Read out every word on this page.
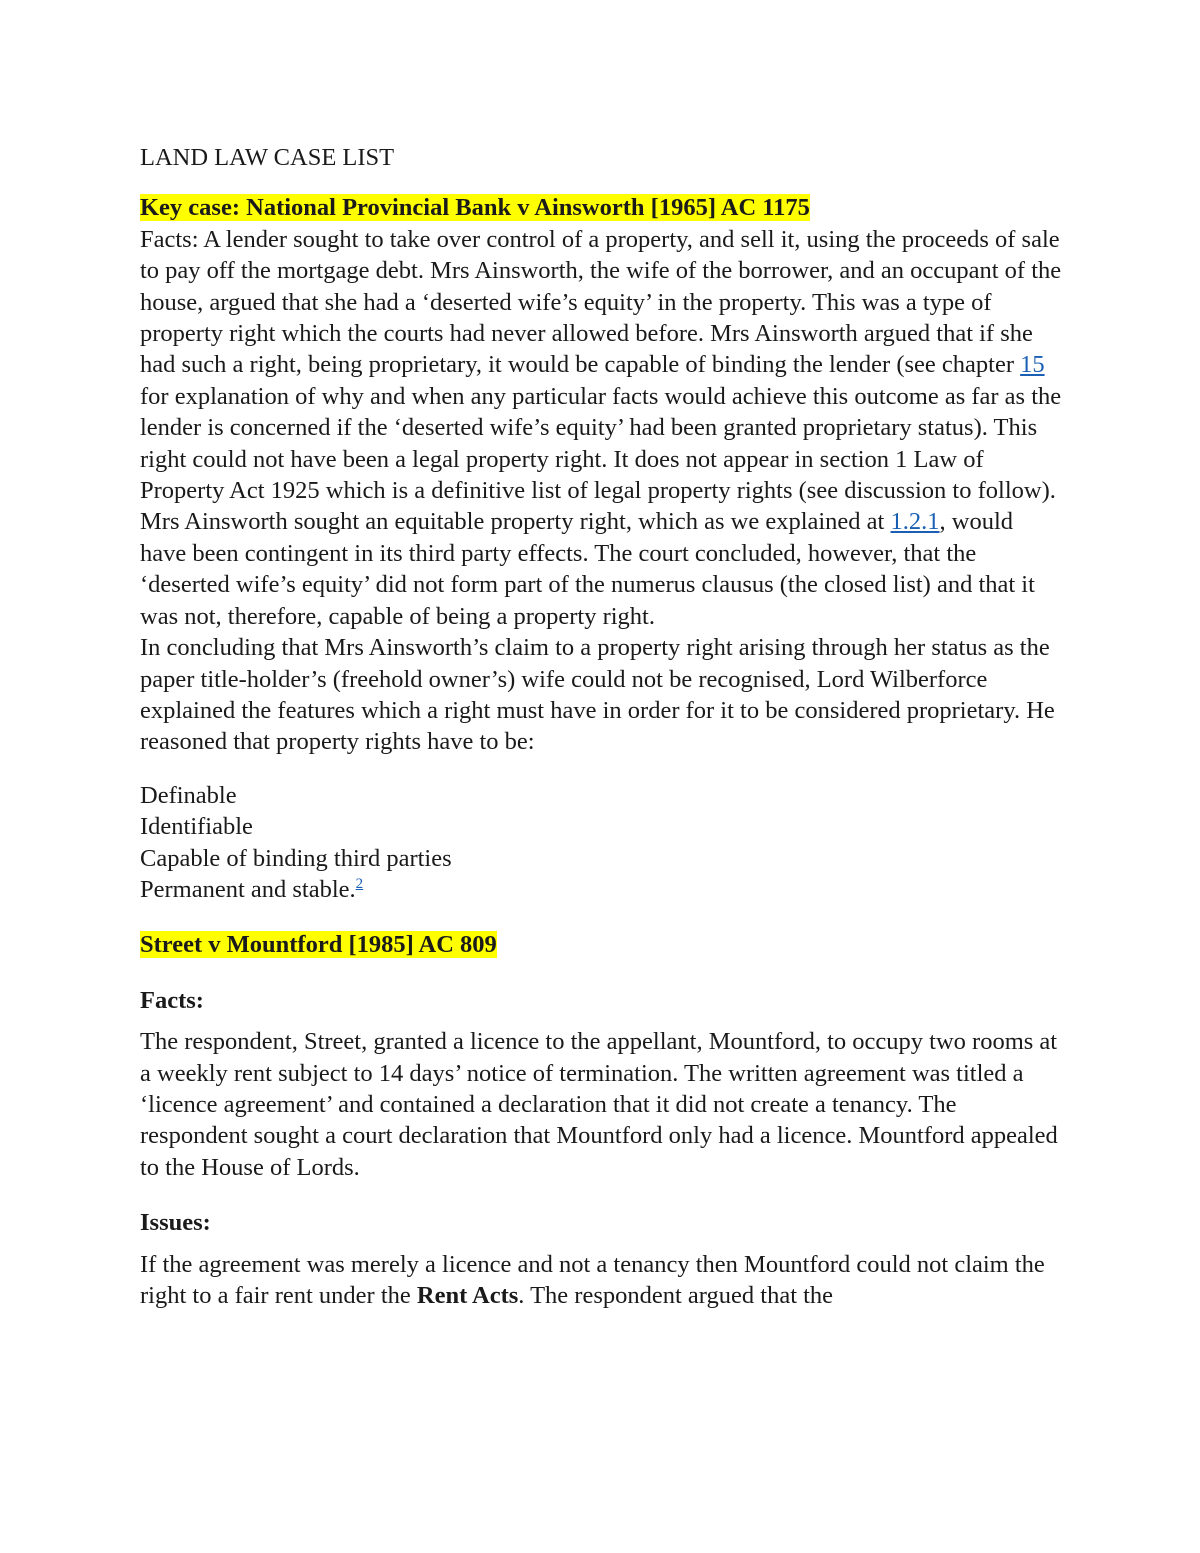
LAND LAW CASE LIST

Key case: National Provincial Bank v Ainsworth [1965] AC 1175

Facts: A lender sought to take over control of a property, and sell it, using the proceeds of sale to pay off the mortgage debt. Mrs Ainsworth, the wife of the borrower, and an occupant of the house, argued that she had a ‘deserted wife’s equity’ in the property. This was a type of property right which the courts had never allowed before. Mrs Ainsworth argued that if she had such a right, being proprietary, it would be capable of binding the lender (see chapter 15 for explanation of why and when any particular facts would achieve this outcome as far as the lender is concerned if the ‘deserted wife’s equity’ had been granted proprietary status). This right could not have been a legal property right. It does not appear in section 1 Law of Property Act 1925 which is a definitive list of legal property rights (see discussion to follow). Mrs Ainsworth sought an equitable property right, which as we explained at 1.2.1, would have been contingent in its third party effects. The court concluded, however, that the ‘deserted wife’s equity’ did not form part of the numerus clausus (the closed list) and that it was not, therefore, capable of being a property right.

In concluding that Mrs Ainsworth’s claim to a property right arising through her status as the paper title-holder’s (freehold owner’s) wife could not be recognised, Lord Wilberforce explained the features which a right must have in order for it to be considered proprietary. He reasoned that property rights have to be:

Definable

Identifiable

Capable of binding third parties

Permanent and stable.$^2$

Street v Mountford [1985] AC 809

Facts:

The respondent, Street, granted a licence to the appellant, Mountford, to occupy two rooms at a weekly rent subject to 14 days’ notice of termination. The written agreement was titled a ‘licence agreement’ and contained a declaration that it did not create a tenancy. The respondent sought a court declaration that Mountford only had a licence. Mountford appealed to the House of Lords.

Issues:

If the agreement was merely a licence and not a tenancy then Mountford could not claim the right to a fair rent under the Rent Acts. The respondent argued that the
